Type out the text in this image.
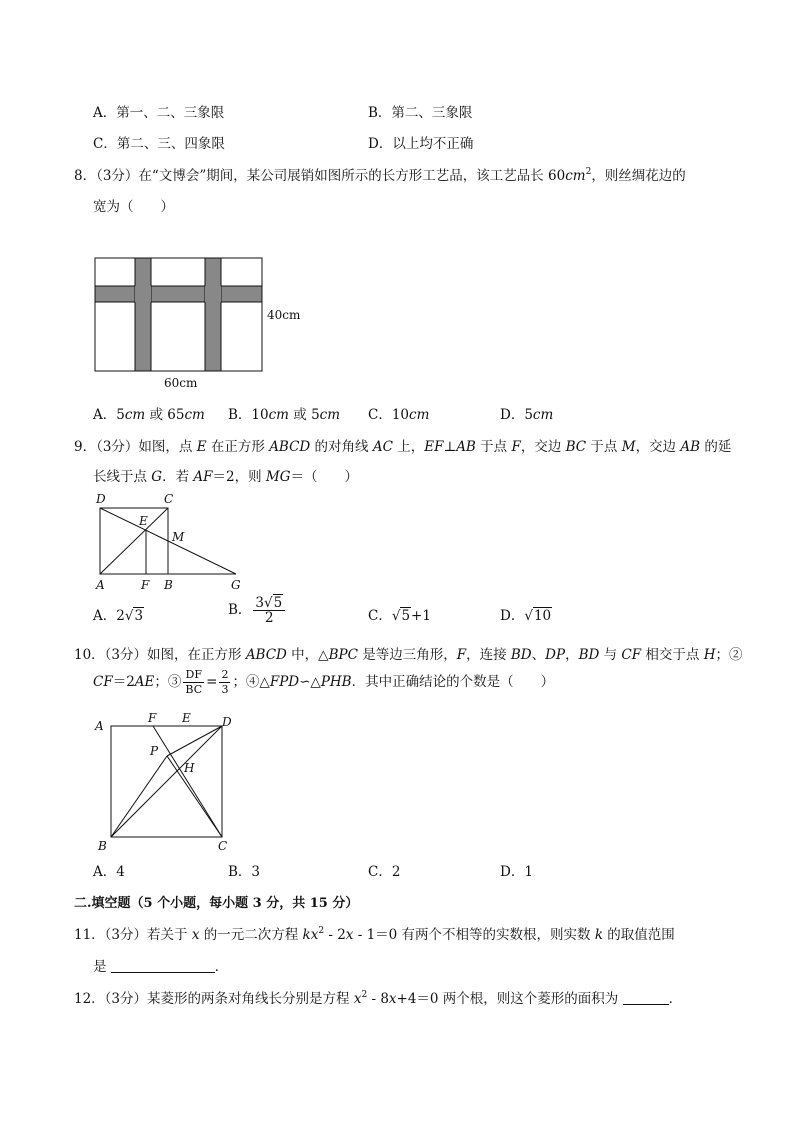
A．第一、二、三象限	B．第二、三象限
C．第二、三、四象限	D．以上均不正确
8．（3分）在“文博会”期间，某公司展销如图所示的长方形工艺品，该工艺品长 $60cm^2$，则丝绸花边的
宽为（　　）
40cm
60cm
A．5cm 或 65cm B．10cm 或 5cm C．10cm	D．5cm
9．（3分）如图，点 E 在正方形 ABCD 的对角线 AC 上，EF⊥AB 于点 F，交边 BC 于点 M，交边 AB 的延
长线于点 G．若 AF＝2，则 MG＝（　　）
D	C
E
M
A	F B	G
A．2√3	B． $\frac{3√5}{2}$	C．√5+1	D．√10
10．（3分）如图，在正方形 ABCD 中，△BPC 是等边三角形，F，连接 BD、DP，BD 与 CF 相交于点 H；②
CF＝2AE；③ $\frac{DF}{BC} = \frac{2}{3}$ ；④△FPD∽△PHB．其中正确结论的个数是（　　）
A
F E	D
P
H
B	C
A．4	B．3	C．2	D．1
二.填空题（5 个小题，每小题 3 分，共 15 分）
11．（3分）若关于 x 的一元二次方程 $kx^2 - 2x - 1=0$ 有两个不相等的实数根，则实数 k 的取值范围
是	．
12．（3分）某菱形的两条对角线长分别是方程 $x^2 - 8x+4=0$ 两个根，则这个菱形的面积为	．
